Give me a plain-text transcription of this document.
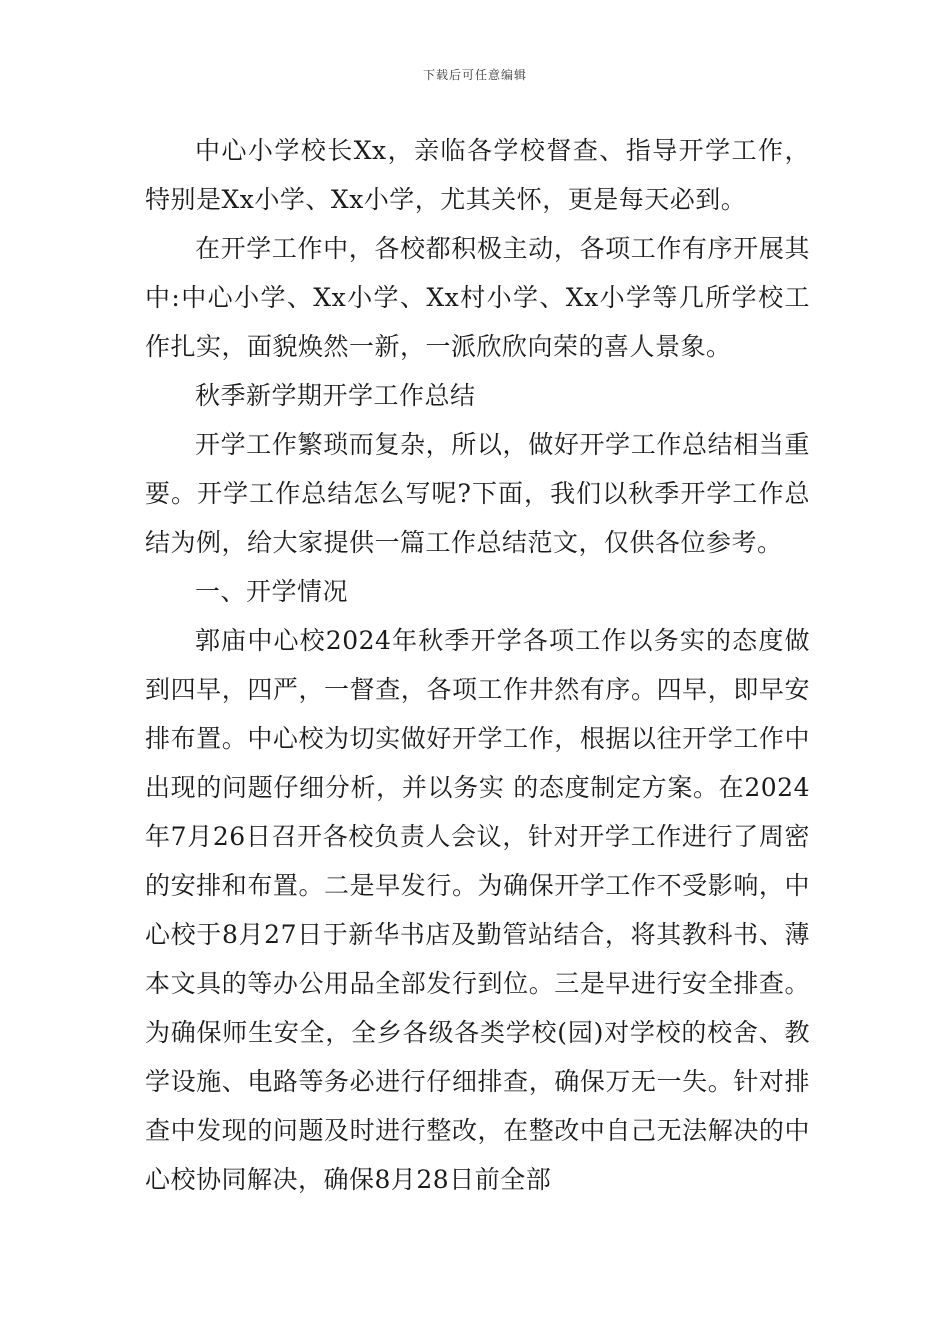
下载后可任意编辑

中心小学校长Xx，亲临各学校督查、指导开学工作，特别是Xx小学、Xx小学，尤其关怀，更是每天必到。

在开学工作中，各校都积极主动，各项工作有序开展其中:中心小学、Xx小学、Xx村小学、Xx小学等几所学校工作扎实，面貌焕然一新，一派欣欣向荣的喜人景象。

秋季新学期开学工作总结

开学工作繁琐而复杂，所以，做好开学工作总结相当重要。开学工作总结怎么写呢?下面，我们以秋季开学工作总结为例，给大家提供一篇工作总结范文，仅供各位参考。

一、开学情况

郭庙中心校2024年秋季开学各项工作以务实的态度做到四早，四严，一督查，各项工作井然有序。四早，即早安排布置。中心校为切实做好开学工作，根据以往开学工作中出现的问题仔细分析，并以务实 的态度制定方案。在2024年7月26日召开各校负责人会议，针对开学工作进行了周密的安排和布置。二是早发行。为确保开学工作不受影响，中心校于8月27日于新华书店及勤管站结合，将其教科书、薄本文具的等办公用品全部发行到位。三是早进行安全排查。为确保师生安全，全乡各级各类学校(园)对学校的校舍、教学设施、电路等务必进行仔细排查，确保万无一失。针对排查中发现的问题及时进行整改，在整改中自己无法解决的中心校协同解决，确保8月28日前全部
